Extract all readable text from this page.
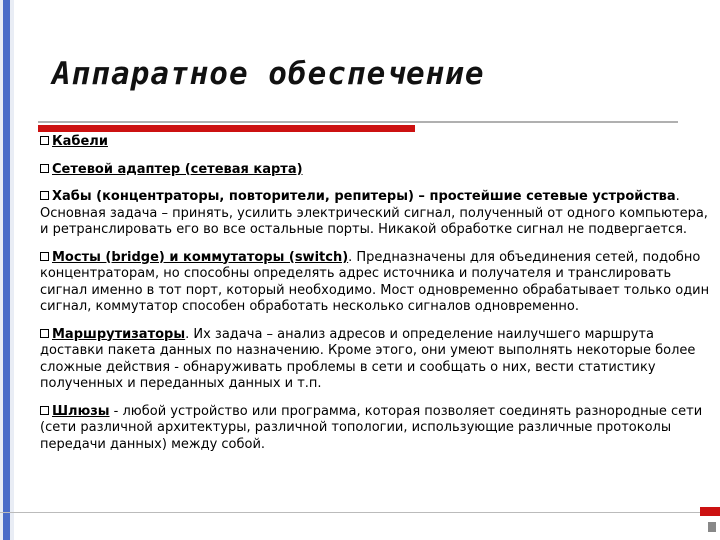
Аппаратное обеспечение
Кабели
Сетевой адаптер (сетевая карта)
Хабы (концентраторы, повторители, репитеры) – простейшие сетевые устройства. Основная задача – принять, усилить электрический сигнал, полученный от одного компьютера, и ретранслировать его во все остальные порты. Никакой обработке сигнал не подвергается.
Мосты (bridge) и коммутаторы (switch). Предназначены для объединения сетей, подобно концентраторам, но способны определять адрес источника и получателя и транслировать сигнал именно в тот порт, который необходимо. Мост одновременно обрабатывает только один сигнал, коммутатор способен обработать несколько сигналов одновременно.
Маршрутизаторы. Их задача – анализ адресов и определение наилучшего маршрута доставки пакета данных по назначению. Кроме этого, они умеют выполнять некоторые более сложные действия - обнаруживать проблемы в сети и сообщать о них, вести статистику полученных и переданных данных и т.п.
Шлюзы - любой устройство или программа, которая позволяет соединять разнородные сети (сети различной архитектуры, различной топологии, использующие различные протоколы передачи данных) между собой.
